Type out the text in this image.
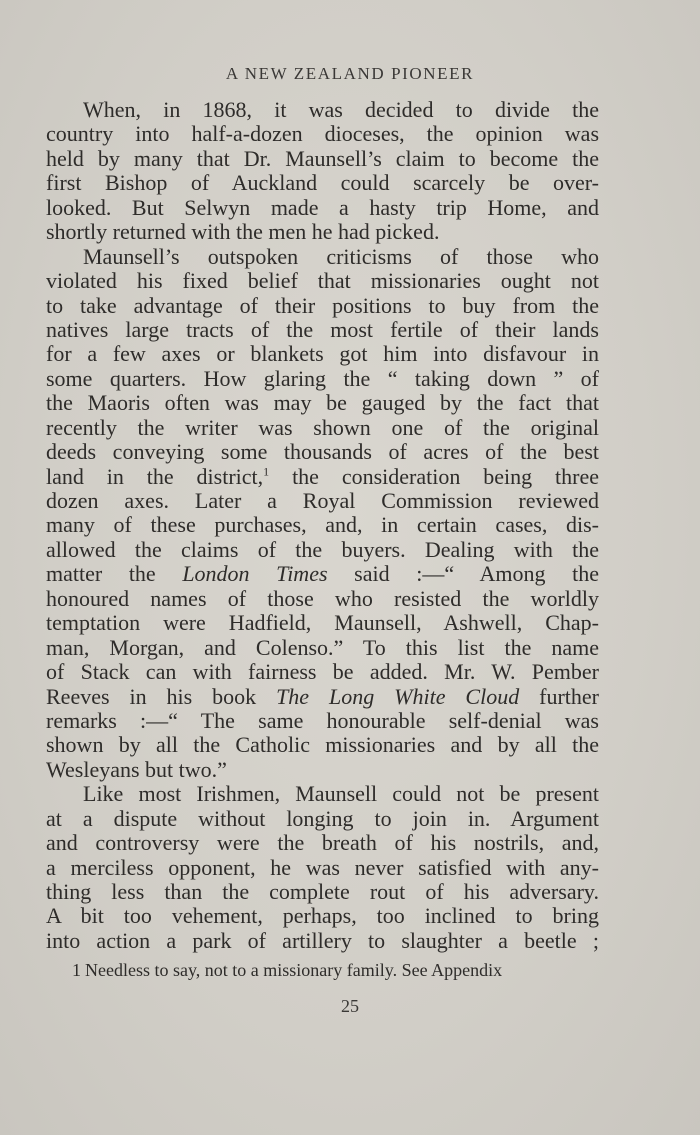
A NEW ZEALAND PIONEER
When, in 1868, it was decided to divide the
country into half-a-dozen dioceses, the opinion was
held by many that Dr. Maunsell’s claim to become the
first Bishop of Auckland could scarcely be over-
looked. But Selwyn made a hasty trip Home, and
shortly returned with the men he had picked.
Maunsell’s outspoken criticisms of those who
violated his fixed belief that missionaries ought not
to take advantage of their positions to buy from the
natives large tracts of the most fertile of their lands
for a few axes or blankets got him into disfavour in
some quarters. How glaring the “ taking down ” of
the Maoris often was may be gauged by the fact that
recently the writer was shown one of the original
deeds conveying some thousands of acres of the best
land in the district,$^1$ the consideration being three
dozen axes. Later a Royal Commission reviewed
many of these purchases, and, in certain cases, dis-
allowed the claims of the buyers. Dealing with the
matter the London Times said :—“ Among the
honoured names of those who resisted the worldly
temptation were Hadfield, Maunsell, Ashwell, Chap-
man, Morgan, and Colenso.” To this list the name
of Stack can with fairness be added. Mr. W. Pember
Reeves in his book The Long White Cloud further
remarks :—“ The same honourable self-denial was
shown by all the Catholic missionaries and by all the
Wesleyans but two.”
Like most Irishmen, Maunsell could not be present
at a dispute without longing to join in. Argument
and controversy were the breath of his nostrils, and,
a merciless opponent, he was never satisfied with any-
thing less than the complete rout of his adversary.
A bit too vehement, perhaps, too inclined to bring
into action a park of artillery to slaughter a beetle ;
1 Needless to say, not to a missionary family. See Appendix
25
